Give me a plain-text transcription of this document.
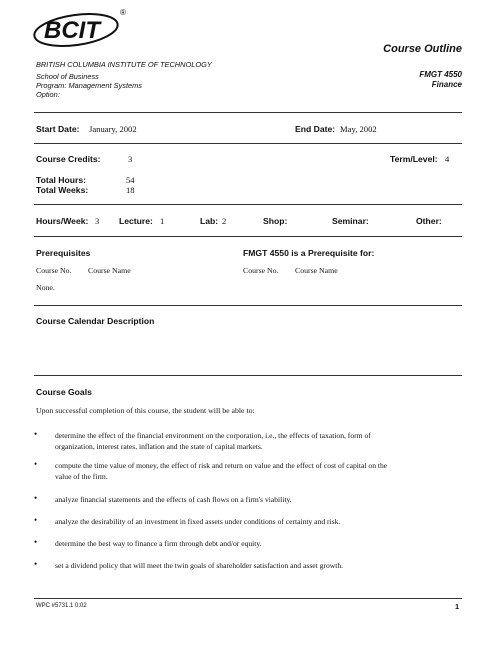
BCIT
®
BRITISH COLUMBIA INSTITUTE OF TECHNOLOGY
School of Business
Program: Management Systems
Option:
Course Outline
FMGT 4550
Finance
Start Date: January, 2002	End Date: May, 2002
Course Credits:	3	Term/Level: 4
Total Hours:	54
Total Weeks:	18
Hours/Week: 3 Lecture: 1	Lab: 2	Shop:	Seminar:	Other:
Prerequisites
Course No. Course Name
None.
FMGT 4550 is a Prerequisite for:
Course No. Course Name
Course Calendar Description
Course Goals
Upon successful completion of this course, the student will be able to:
• determine the effect of the financial environment on the corporation, i.e., the effects of taxation, form of
organization, interest rates, inflation and the state of capital markets.
• compute the time value of money, the effect of risk and return on value and the effect of cost of capital on the
value of the firm.
• analyze financial statements and the effects of cash flows on a firm's viability.
• analyze the desirability of an investment in fixed assets under conditions of certainty and risk.
• determine the best way to finance a firm through debt and/or equity.
• set a dividend policy that will meet the twin goals of shareholder satisfaction and asset growth.
WPC #5731.1 0:02	1
